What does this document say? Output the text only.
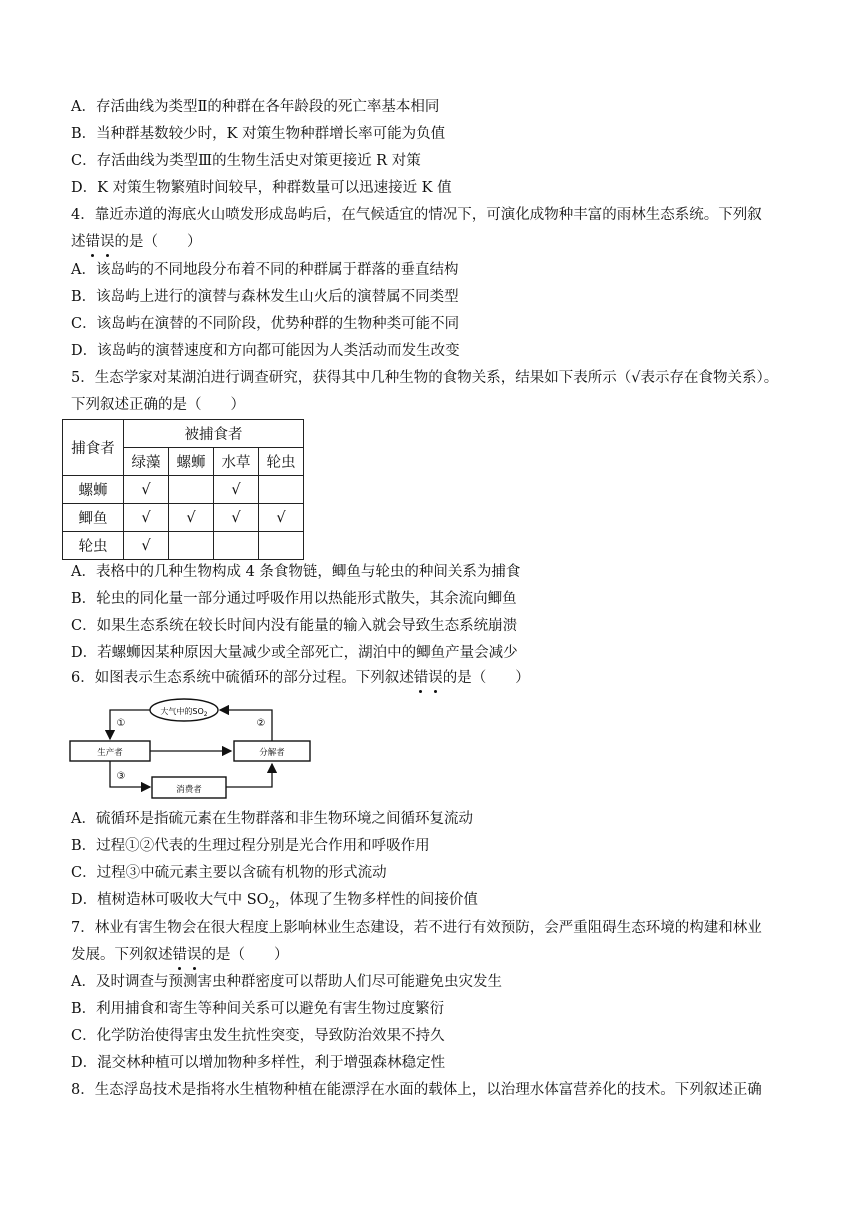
A．存活曲线为类型Ⅱ的种群在各年龄段的死亡率基本相同
B．当种群基数较少时，K 对策生物种群增长率可能为负值
C．存活曲线为类型Ⅲ的生物生活史对策更接近 R 对策
D．K 对策生物繁殖时间较早，种群数量可以迅速接近 K 值
4．靠近赤道的海底火山喷发形成岛屿后，在气候适宜的情况下，可演化成物种丰富的雨林生态系统。下列叙
述错误的是（　　）
A．该岛屿的不同地段分布着不同的种群属于群落的垂直结构
B．该岛屿上进行的演替与森林发生山火后的演替属不同类型
C．该岛屿在演替的不同阶段，优势种群的生物种类可能不同
D．该岛屿的演替速度和方向都可能因为人类活动而发生改变
5．生态学家对某湖泊进行调查研究，获得其中几种生物的食物关系，结果如下表所示（√表示存在食物关系）。
下列叙述正确的是（　　）
捕食者	被捕食者			
	绿藻	螺蛳	水草	轮虫
螺蛳	√		√	
鲫鱼	√	√	√	√
轮虫	√			
A．表格中的几种生物构成 4 条食物链，鲫鱼与轮虫的种间关系为捕食
B．轮虫的同化量一部分通过呼吸作用以热能形式散失，其余流向鲫鱼
C．如果生态系统在较长时间内没有能量的输入就会导致生态系统崩溃
D．若螺蛳因某种原因大量减少或全部死亡，湖泊中的鲫鱼产量会减少
6．如图表示生态系统中硫循环的部分过程。下列叙述错误的是（　　）
大气中的$SO_2$
生产者	分解者
消费者
①	②
③
A．硫循环是指硫元素在生物群落和非生物环境之间循环复流动
B．过程①②代表的生理过程分别是光合作用和呼吸作用
C．过程③中硫元素主要以含硫有机物的形式流动
D．植树造林可吸收大气中 $SO_2$，体现了生物多样性的间接价值
7．林业有害生物会在很大程度上影响林业生态建设，若不进行有效预防，会严重阻碍生态环境的构建和林业
发展。下列叙述错误的是（　　）
A．及时调查与预测害虫种群密度可以帮助人们尽可能避免虫灾发生
B．利用捕食和寄生等种间关系可以避免有害生物过度繁衍
C．化学防治使得害虫发生抗性突变，导致防治效果不持久
D．混交林种植可以增加物种多样性，利于增强森林稳定性
8．生态浮岛技术是指将水生植物种植在能漂浮在水面的载体上，以治理水体富营养化的技术。下列叙述正确
